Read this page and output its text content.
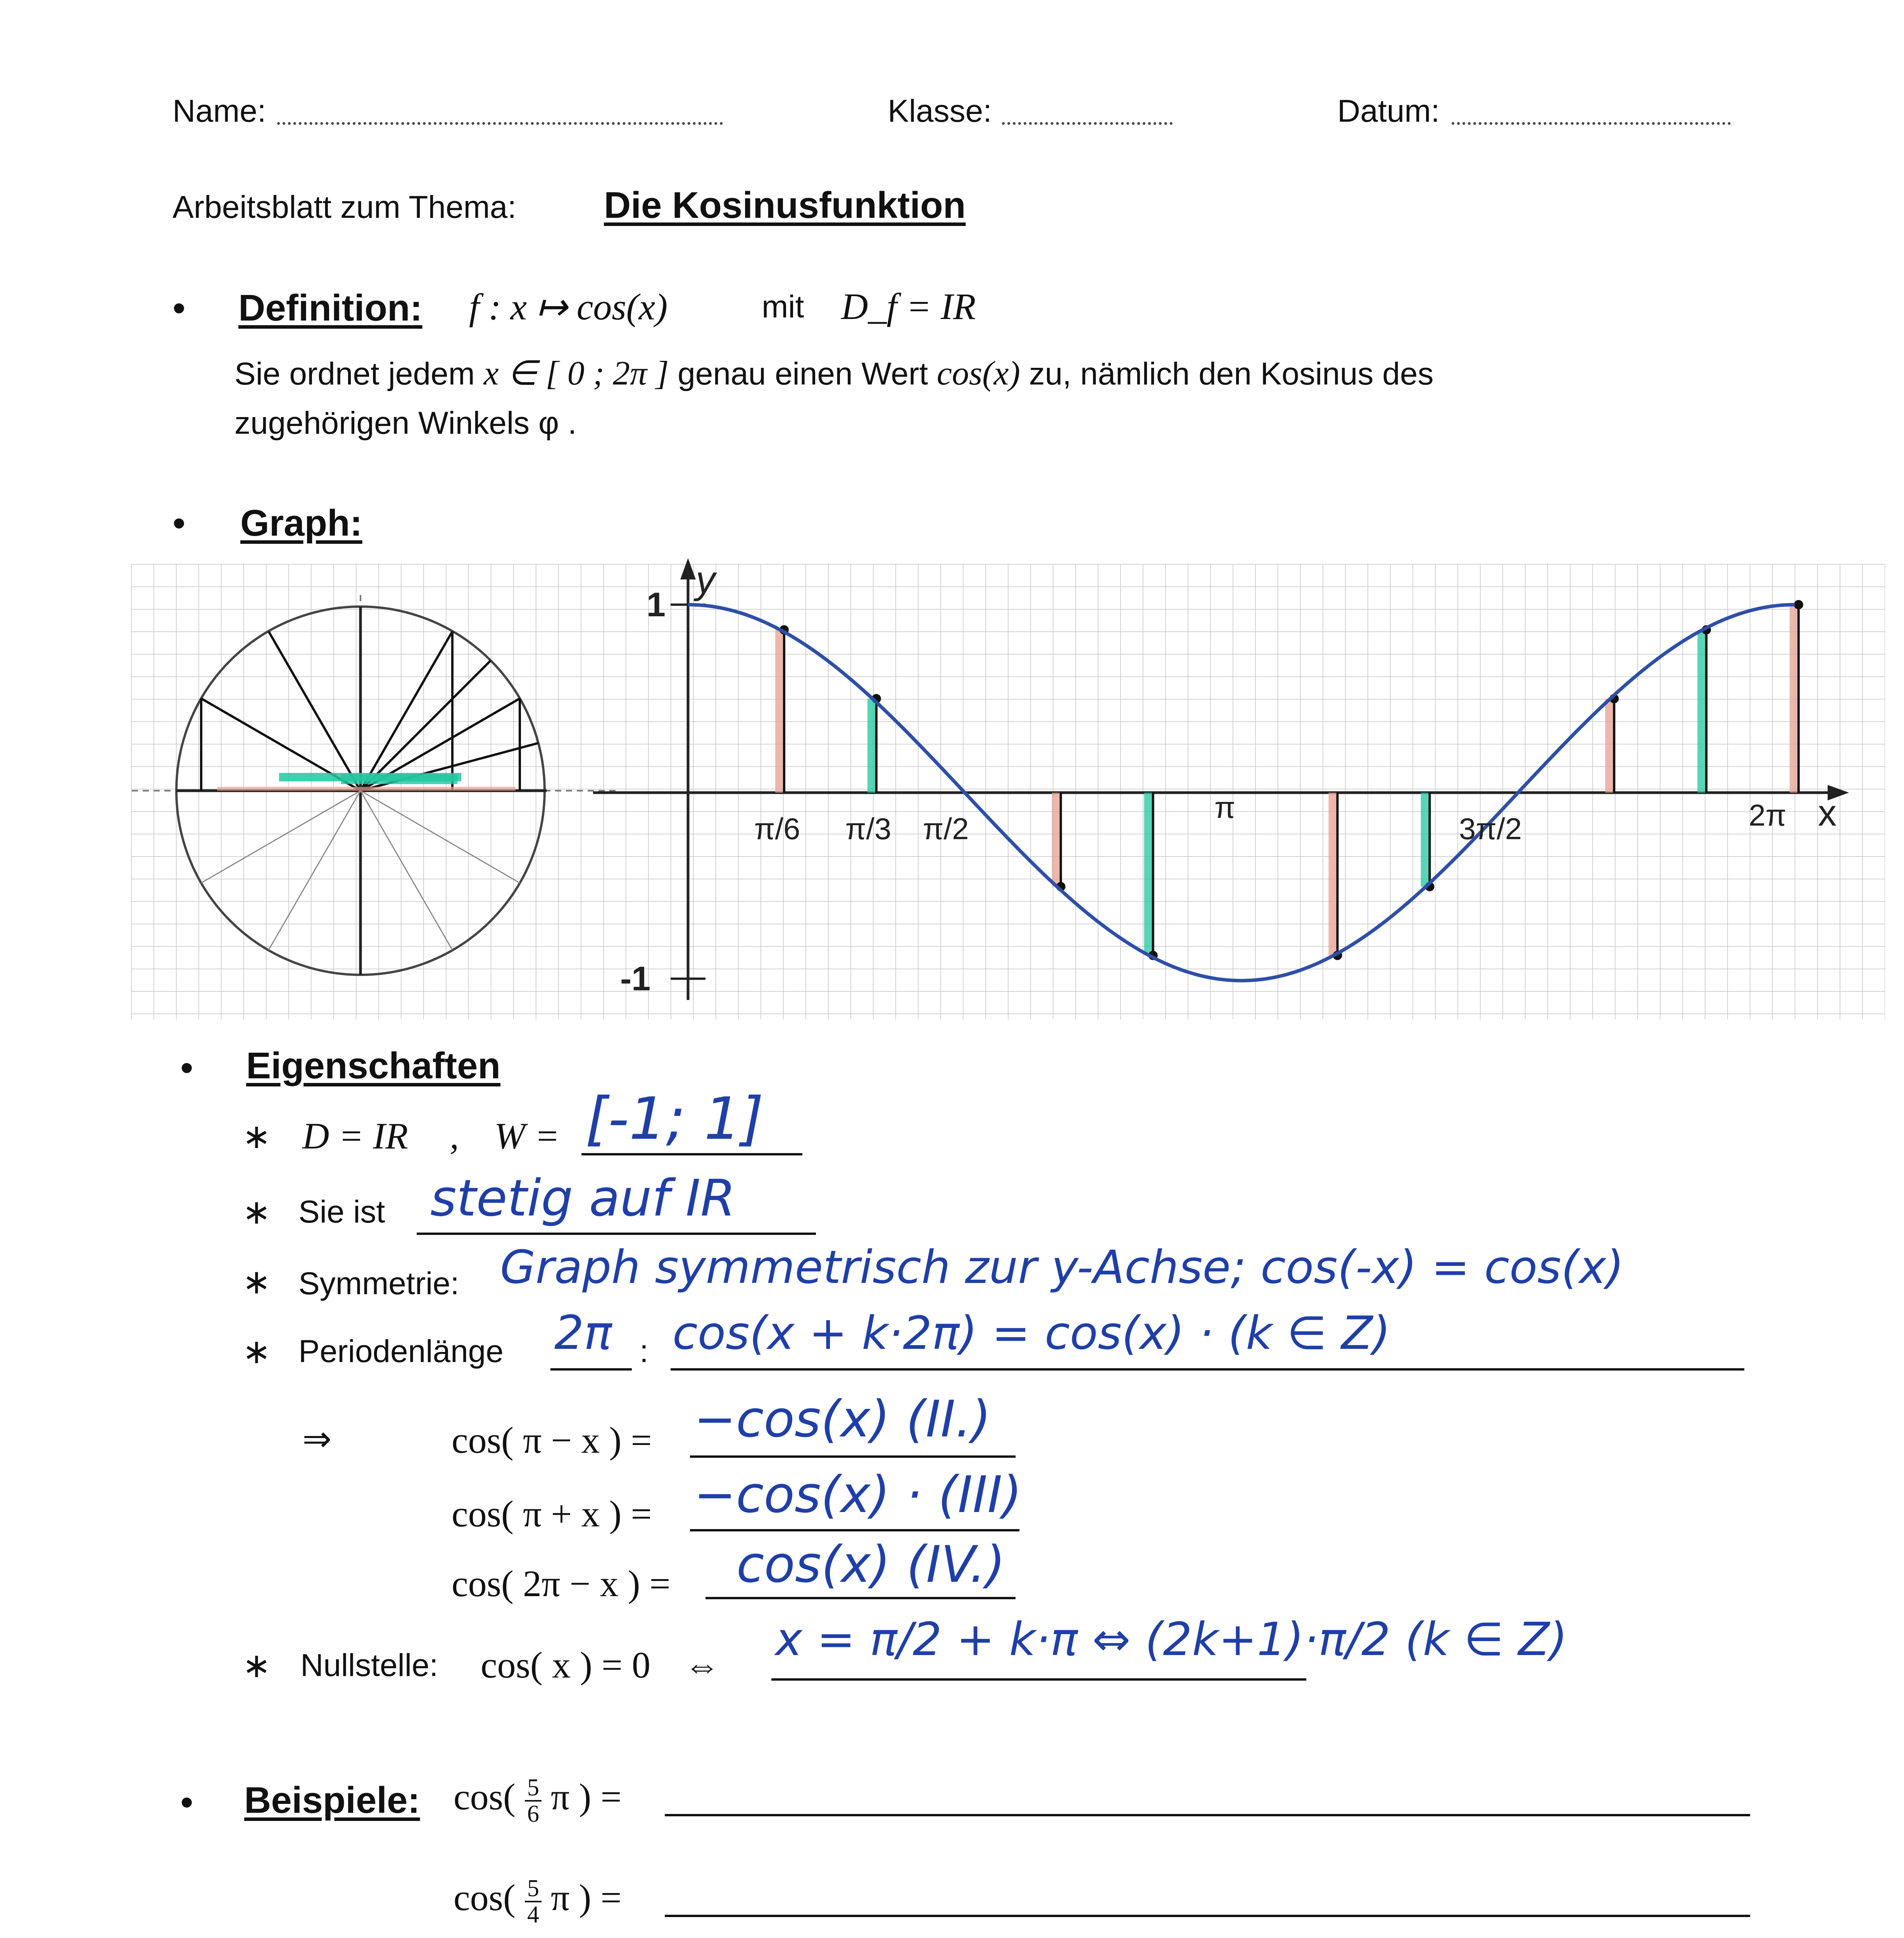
Name:	Klasse:	Datum:
Arbeitsblatt zum Thema: Die Kosinusfunktion
• Definition: f : x ↦ cos(x)	mit D_f = IR
Sie ordnet jedem x ∈ [ 0 ; 2π ] genau einen Wert cos(x) zu, nämlich den Kosinus des
zugehörigen Winkels φ .
• Graph:
y
1
-1
x
π/6 π/3 π/2
π
3π/2	2π
• Eigenschaften
∗ D = IR , W = [-1; 1]
∗ Sie ist stetig auf IR
∗ Symmetrie: Graph symmetrisch zur y-Achse; cos(-x) = cos(x)
∗ Periodenlänge 2π : cos(x + k·2π) = cos(x) · (k ∈ Z)
⇒	cos( π − x ) = −cos(x) (II.)
cos( π + x ) = −cos(x) · (III)
cos( 2π − x ) = cos(x) (IV.)
∗ Nullstelle: cos( x ) = 0 ⇔ x = π/2 + k·π ⇔ (2k+1)·π/2 (k ∈ Z)
• Beispiele: $\cos( \frac{5}{6}$ π ) =
$\cos( \frac{5}{4}$ π ) =
